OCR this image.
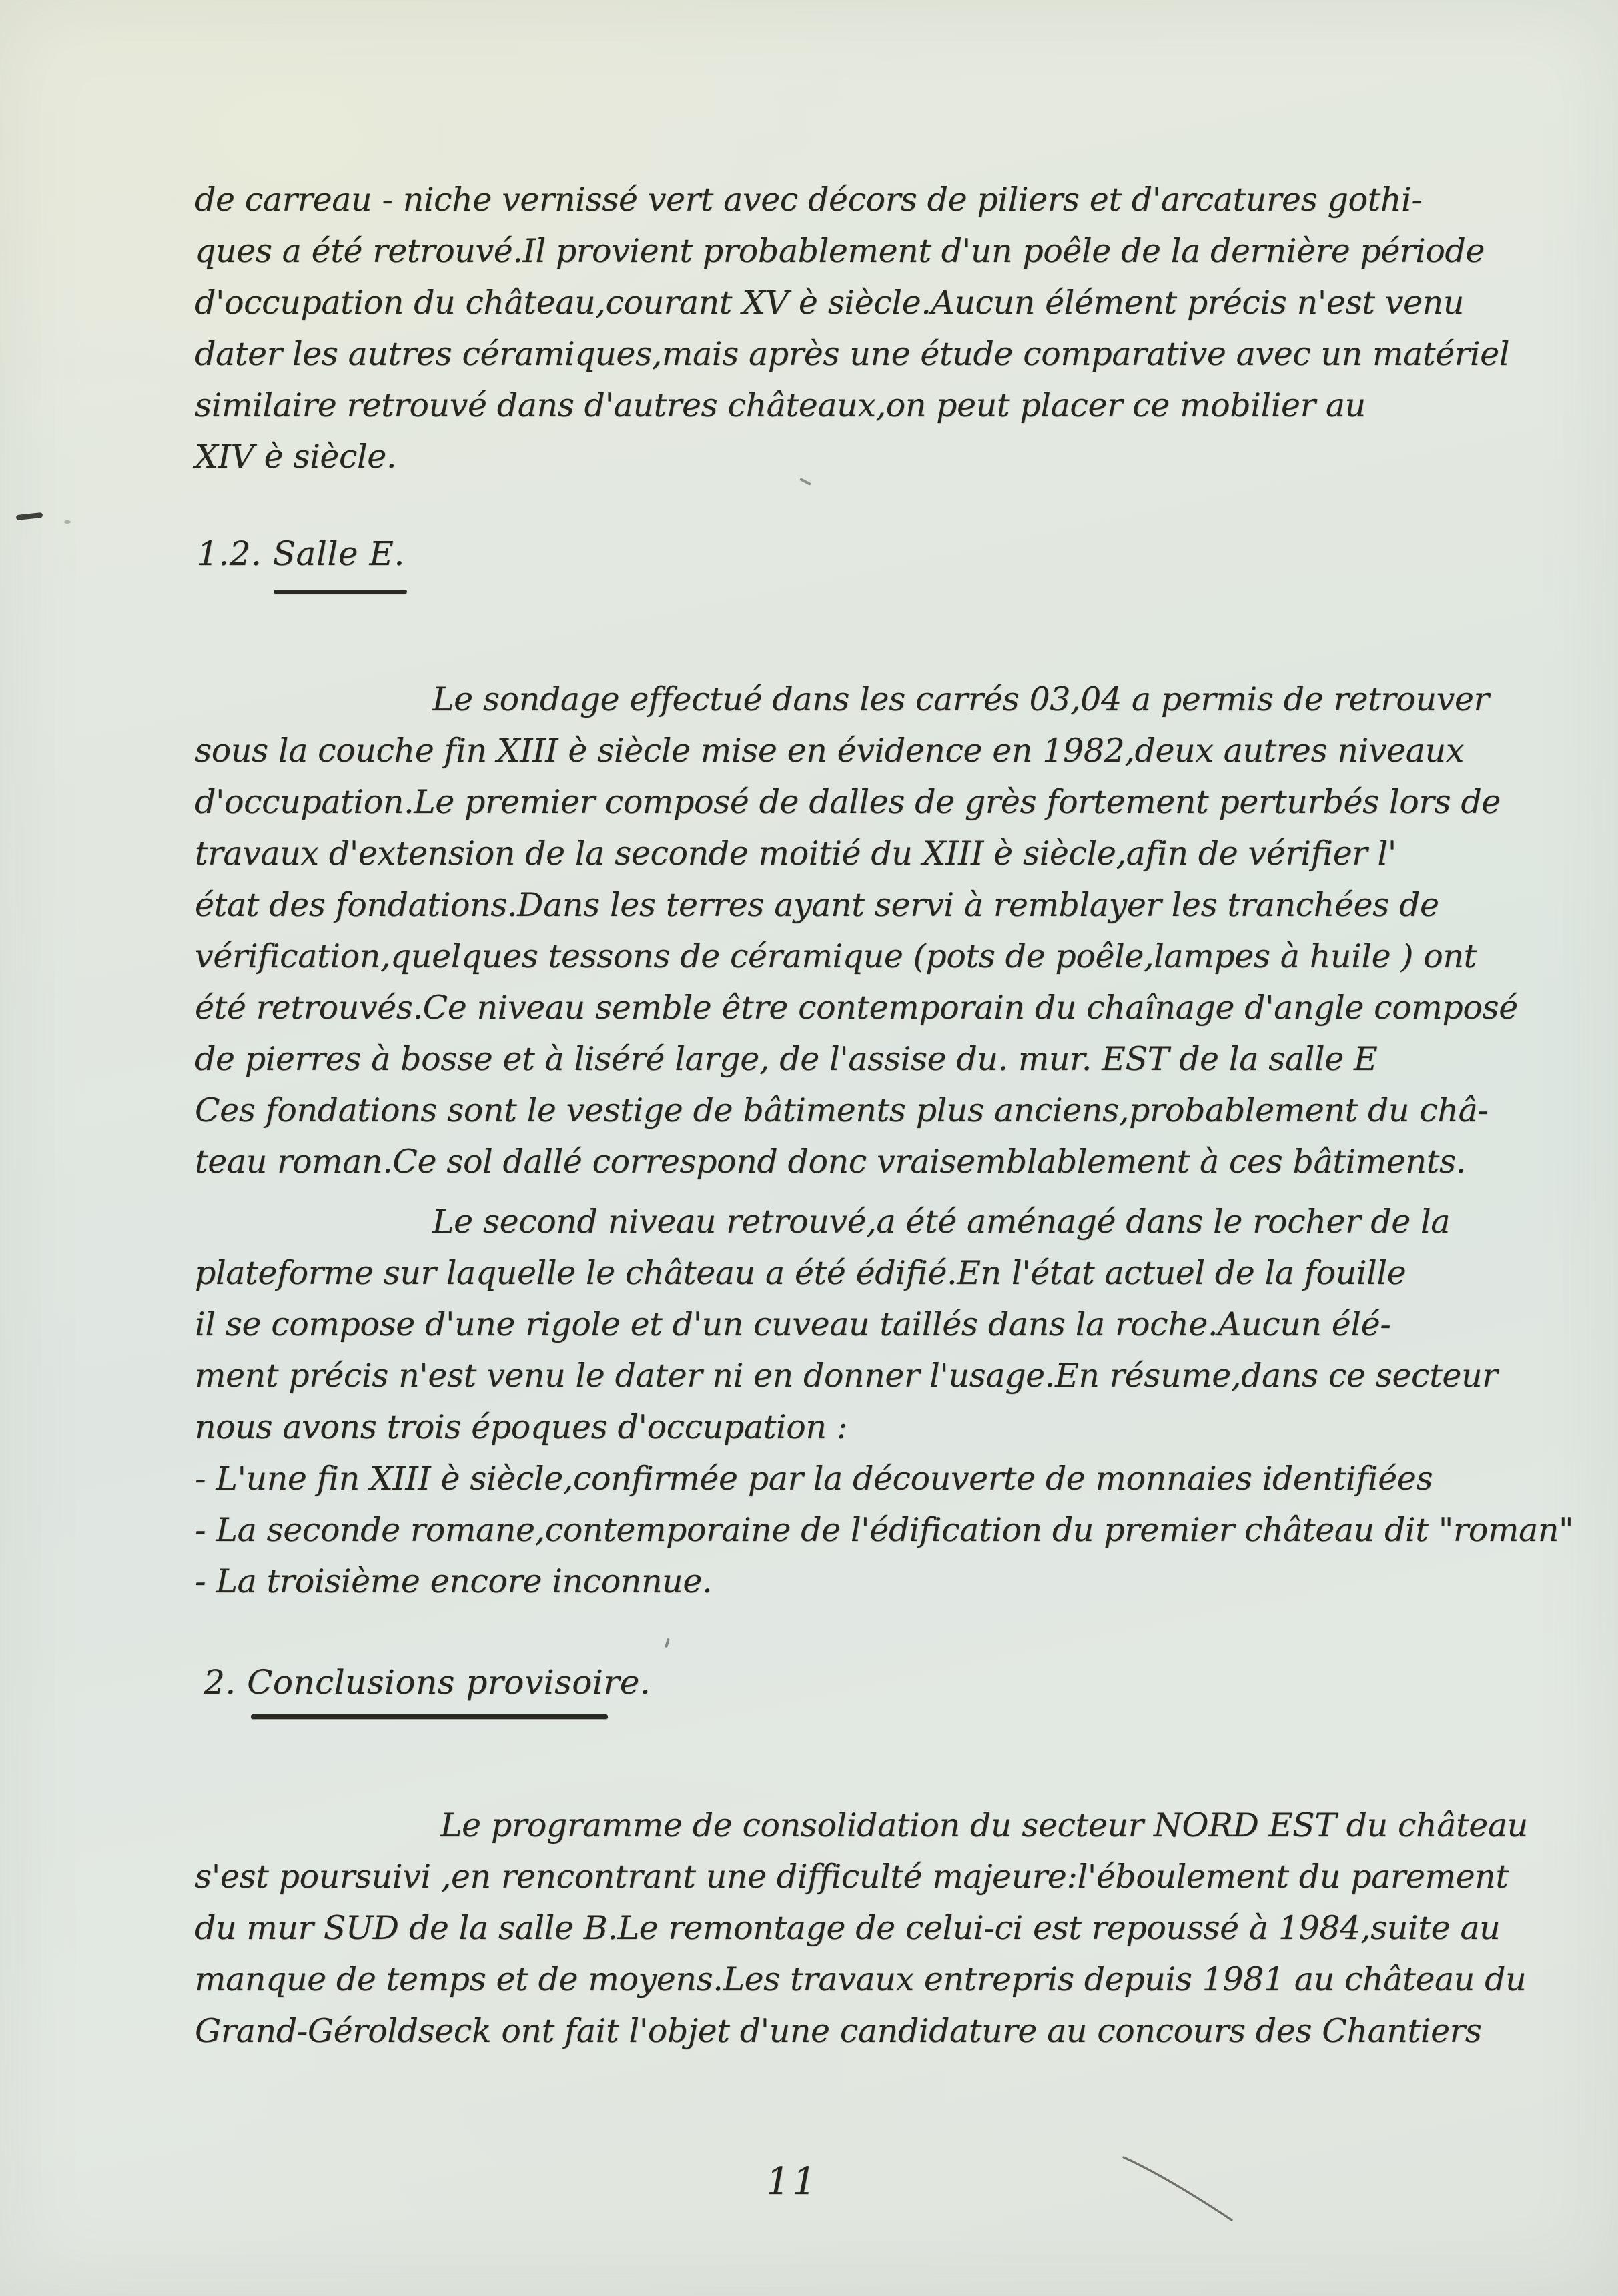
de carreau - niche vernissé vert avec décors de piliers et d'arcatures gothi-
ques a été retrouvé.Il provient probablement d'un poêle de la dernière période
d'occupation du château,courant XV è siècle.Aucun élément précis n'est venu
dater les autres céramiques,mais après une étude comparative avec un matériel
similaire retrouvé dans d'autres châteaux,on peut placer ce mobilier au
XIV è siècle.
1.2. Salle E.
Le sondage effectué dans les carrés 03,04 a permis de retrouver
sous la couche fin XIII è siècle mise en évidence en 1982,deux autres niveaux
d'occupation.Le premier composé de dalles de grès fortement perturbés lors de
travaux d'extension de la seconde moitié du XIII è siècle,afin de vérifier l'
état des fondations.Dans les terres ayant servi à remblayer les tranchées de
vérification,quelques tessons de céramique (pots de poêle,lampes à huile ) ont
été retrouvés.Ce niveau semble être contemporain du chaînage d'angle composé
de pierres à bosse et à liséré large, de l'assise du. mur. EST de la salle E
Ces fondations sont le vestige de bâtiments plus anciens,probablement du châ-
teau roman.Ce sol dallé correspond donc vraisemblablement à ces bâtiments.
Le second niveau retrouvé,a été aménagé dans le rocher de la
plateforme sur laquelle le château a été édifié.En l'état actuel de la fouille
il se compose d'une rigole et d'un cuveau taillés dans la roche.Aucun élé-
ment précis n'est venu le dater ni en donner l'usage.En résume,dans ce secteur
nous avons trois époques d'occupation :
- L'une fin XIII è siècle,confirmée par la découverte de monnaies identifiées
- La seconde romane,contemporaine de l'édification du premier château dit "roman"
- La troisième encore inconnue.
2. Conclusions provisoire.
Le programme de consolidation du secteur NORD EST du château
s'est poursuivi ,en rencontrant une difficulté majeure:l'éboulement du parement
du mur SUD de la salle B.Le remontage de celui-ci est repoussé à 1984,suite au
manque de temps et de moyens.Les travaux entrepris depuis 1981 au château du
Grand-Géroldseck ont fait l'objet d'une candidature au concours des Chantiers
11
